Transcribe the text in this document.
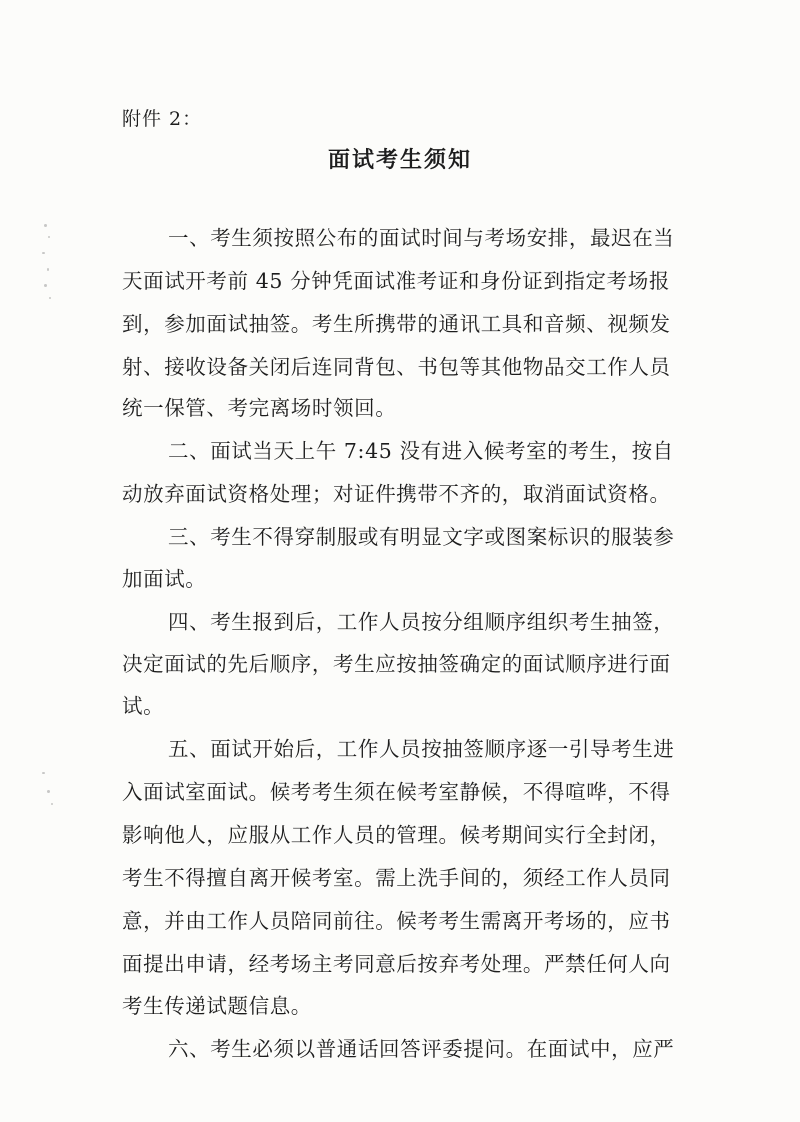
附件 2：
面试考生须知
一、考生须按照公布的面试时间与考场安排，最迟在当
天面试开考前 45 分钟凭面试准考证和身份证到指定考场报
到，参加面试抽签。考生所携带的通讯工具和音频、视频发
射、接收设备关闭后连同背包、书包等其他物品交工作人员
统一保管、考完离场时领回。
二、面试当天上午 7:45 没有进入候考室的考生，按自
动放弃面试资格处理；对证件携带不齐的，取消面试资格。
三、考生不得穿制服或有明显文字或图案标识的服装参
加面试。
四、考生报到后，工作人员按分组顺序组织考生抽签，
决定面试的先后顺序，考生应按抽签确定的面试顺序进行面
试。
五、面试开始后，工作人员按抽签顺序逐一引导考生进
入面试室面试。候考考生须在候考室静候，不得喧哗，不得
影响他人，应服从工作人员的管理。候考期间实行全封闭，
考生不得擅自离开候考室。需上洗手间的，须经工作人员同
意，并由工作人员陪同前往。候考考生需离开考场的，应书
面提出申请，经考场主考同意后按弃考处理。严禁任何人向
考生传递试题信息。
六、考生必须以普通话回答评委提问。在面试中，应严
